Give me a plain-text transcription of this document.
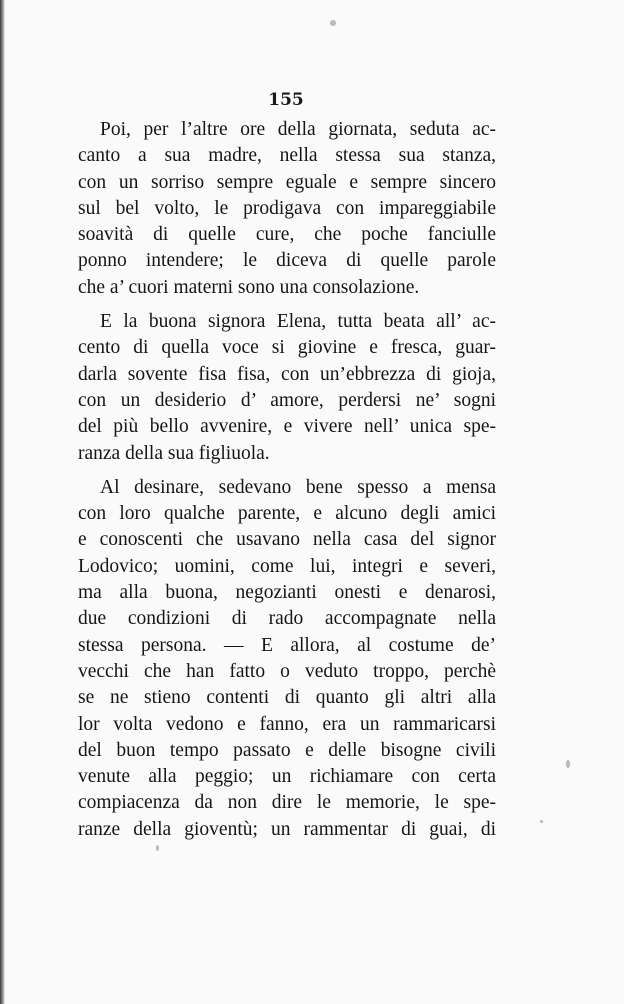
155
Poi, per l’altre ore della giornata, seduta ac-
canto a sua madre, nella stessa sua stanza,
con un sorriso sempre eguale e sempre sincero
sul bel volto, le prodigava con impareggiabile
soavità di quelle cure, che poche fanciulle
ponno intendere; le diceva di quelle parole
che a’ cuori materni sono una consolazione.
E la buona signora Elena, tutta beata all’ ac-
cento di quella voce si giovine e fresca, guar-
darla sovente fisa fisa, con un’ebbrezza di gioja,
con un desiderio d’ amore, perdersi ne’ sogni
del più bello avvenire, e vivere nell’ unica spe-
ranza della sua figliuola.
Al desinare, sedevano bene spesso a mensa
con loro qualche parente, e alcuno degli amici
e conoscenti che usavano nella casa del signor
Lodovico; uomini, come lui, integri e severi,
ma alla buona, negozianti onesti e denarosi,
due condizioni di rado accompagnate nella
stessa persona. — E allora, al costume de’
vecchi che han fatto o veduto troppo, perchè
se ne stieno contenti di quanto gli altri alla
lor volta vedono e fanno, era un rammaricarsi
del buon tempo passato e delle bisogne civili
venute alla peggio; un richiamare con certa
compiacenza da non dire le memorie, le spe-
ranze della gioventù; un rammentar di guai, di
